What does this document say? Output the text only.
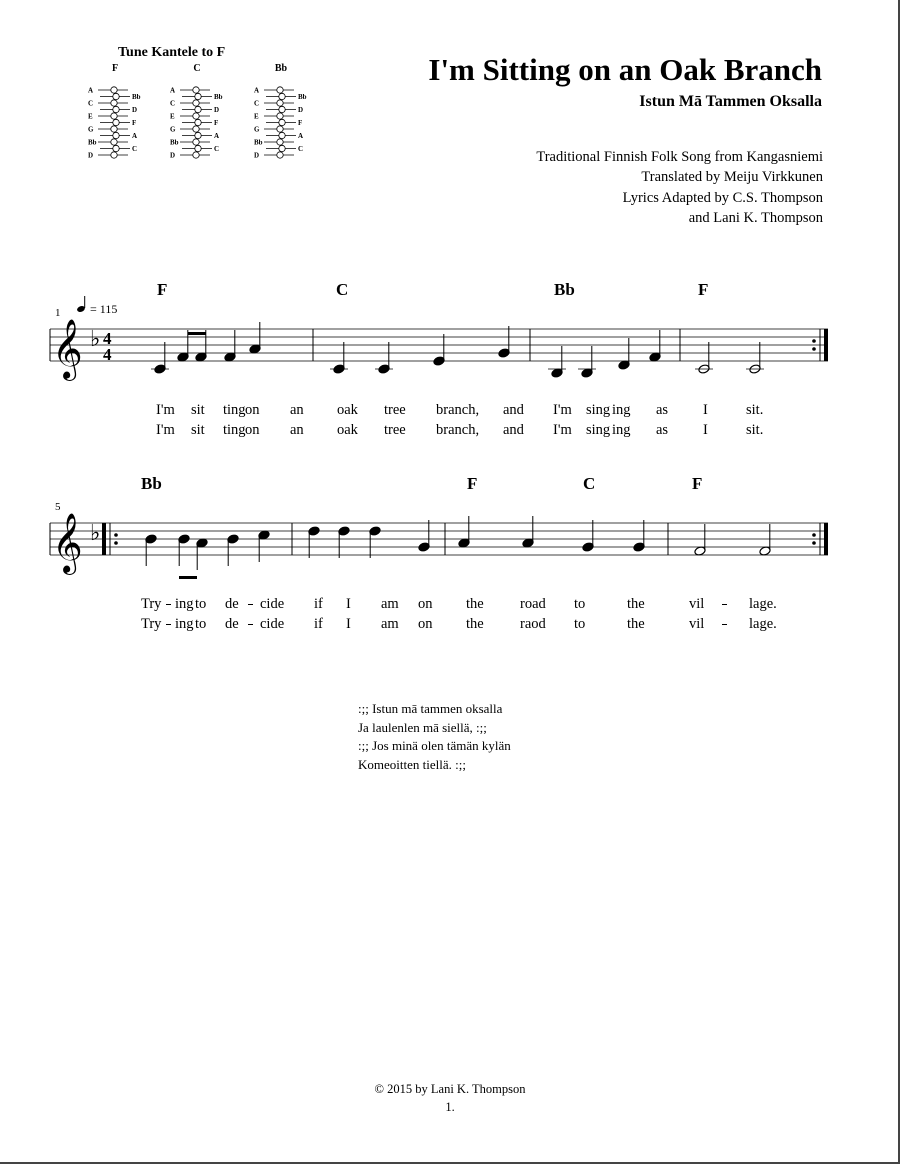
I'm Sitting on an Oak Branch
Istun Mā Tammen Oksalla
Traditional Finnish Folk Song from Kangasniemi
Translated by Meiju Virkkunen
Lyrics Adapted by C.S. Thompson
and Lani K. Thompson
Tune Kantele to F
F	C	Bb
A
C
E
G
Bb
D
Bb
D
F
A
C
A
C
E
G
Bb
D
Bb
D
F
A
C
A
C
E
G
Bb
D
Bb
D
F
A
C
1 = 115
𝄞 ♭ 4
4
F	C	Bb	F
I'm sit ting on an oak tree branch, and I'm sing ing as I	sit.
I'm sit ting on an oak tree branch, and I'm sing ing as I	sit.
5
𝄞 ♭
Bb	F	C	F
Try ing to de cide if I am on the	road to	the	vil	lage.
Try ing to de cide if I am on the	raod to	the	vil	lage.
:;; Istun mā tammen oksalla
Ja laulenlen mā siellä, :;;
:;; Jos minä olen tämän kylän
Komeoitten tiellä. :;;
© 2015 by Lani K. Thompson
1.
